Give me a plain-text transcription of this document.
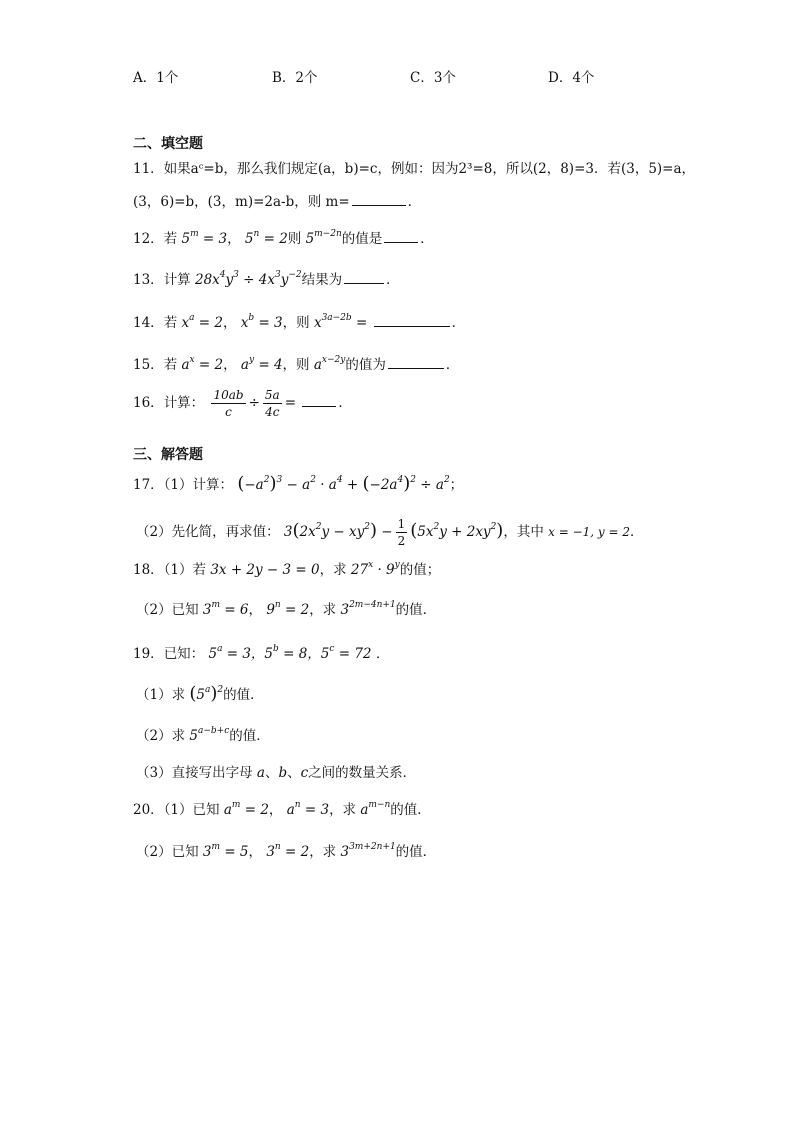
A．1个	B．2个	C．3个	D．4个
二、填空题
11．如果aᶜ=b，那么我们规定(a，b)=c，例如：因为2³=8，所以(2，8)=3．若(3，5)=a，
(3，6)=b，(3，m)=2a-b，则 m=	．
12．若 $5^m = 3$， $5^n = 2$则 $5^{m-2n}$的值是	．
13．计算 $28x^4y^3 \div 4x^3y^{-2}$结果为	．
14．若 $x^a = 2$， $x^b = 3$，则 $x^{3a-2b}$ =	．
15．若 $a^x = 2$， $a^y = 4$，则 $a^{x-2y}$的值为	．
16．计算： $\frac{10ab}{c} \div \frac{5a}{4c}$ =	．
三、解答题
17．（1）计算： $(-a^2)^3 - a^2 \cdot a^4 + (-2a^4)^2 \div a^2$；
（2）先化简，再求值： $3(2x^2y - xy^2) - \frac{1}{2} (5x^2y + 2xy^2)$，其中 x = −1, y = 2．
18．（1）若 3x + 2y − 3 = 0，求 $27^x \cdot 9^y$的值；
（2）已知 $3^m = 6$， $9^n = 2$，求 $3^{2m-4n+1}$的值．
19．已知： $5^a = 3$，$5^b = 8$，$5^c = 72$ ．
（1）求 $(5^a)^2$的值．
（2）求 $5^{a-b+c}$的值．
（3）直接写出字母 a、b、c之间的数量关系．
20．（1）已知 $a^m = 2$， $a^n = 3$，求 $a^{m-n}$的值．
（2）已知 $3^m = 5$， $3^n = 2$，求 $3^{3m+2n+1}$的值．
